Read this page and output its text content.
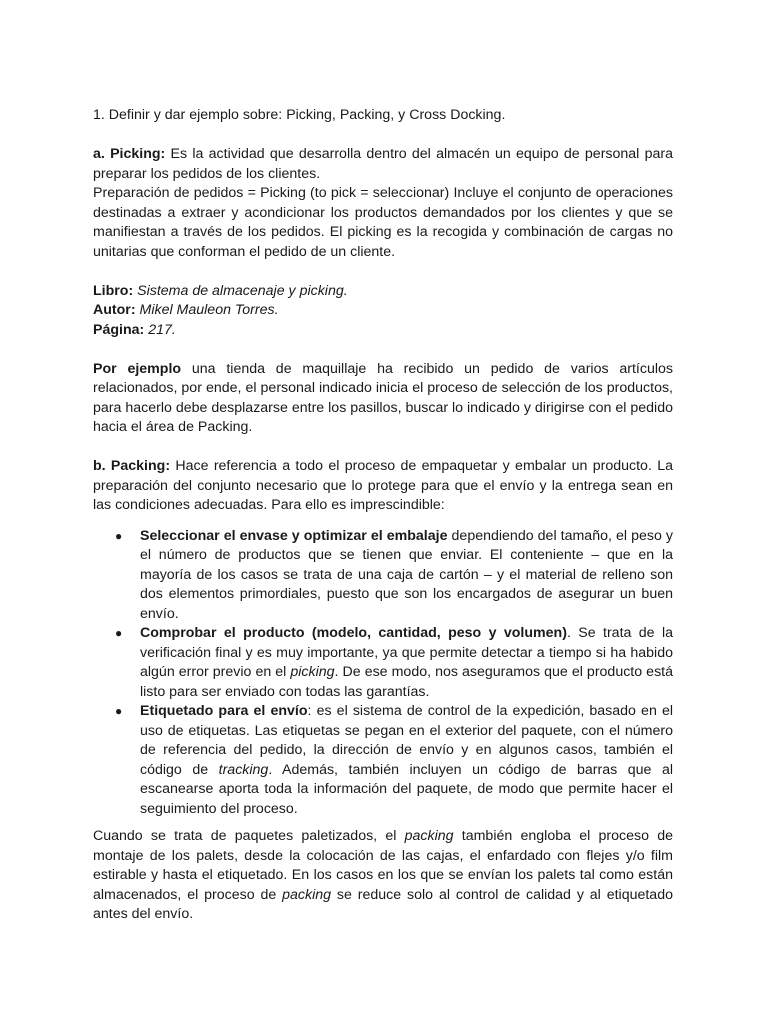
1. Definir y dar ejemplo sobre: Picking, Packing, y Cross Docking.

a. Picking: Es la actividad que desarrolla dentro del almacén un equipo de personal para preparar los pedidos de los clientes.

Preparación de pedidos = Picking (to pick = seleccionar) Incluye el conjunto de operaciones destinadas a extraer y acondicionar los productos demandados por los clientes y que se manifiestan a través de los pedidos. El picking es la recogida y combinación de cargas no unitarias que conforman el pedido de un cliente.

Libro: Sistema de almacenaje y picking.

Autor: Mikel Mauleon Torres.

Página: 217.

Por ejemplo una tienda de maquillaje ha recibido un pedido de varios artículos relacionados, por ende, el personal indicado inicia el proceso de selección de los productos, para hacerlo debe desplazarse entre los pasillos, buscar lo indicado y dirigirse con el pedido hacia el área de Packing.

b. Packing: Hace referencia a todo el proceso de empaquetar y embalar un producto. La preparación del conjunto necesario que lo protege para que el envío y la entrega sean en las condiciones adecuadas. Para ello es imprescindible:

● Seleccionar el envase y optimizar el embalaje dependiendo del tamaño, el peso y el número de productos que se tienen que enviar. El conteniente – que en la mayoría de los casos se trata de una caja de cartón – y el material de relleno son dos elementos primordiales, puesto que son los encargados de asegurar un buen envío.
● Comprobar el producto (modelo, cantidad, peso y volumen). Se trata de la verificación final y es muy importante, ya que permite detectar a tiempo si ha habido algún error previo en el picking. De ese modo, nos aseguramos que el producto está listo para ser enviado con todas las garantías.
● Etiquetado para el envío: es el sistema de control de la expedición, basado en el uso de etiquetas. Las etiquetas se pegan en el exterior del paquete, con el número de referencia del pedido, la dirección de envío y en algunos casos, también el código de tracking. Además, también incluyen un código de barras que al escanearse aporta toda la información del paquete, de modo que permite hacer el seguimiento del proceso.

Cuando se trata de paquetes paletizados, el packing también engloba el proceso de montaje de los palets, desde la colocación de las cajas, el enfardado con flejes y/o film estirable y hasta el etiquetado. En los casos en los que se envían los palets tal como están almacenados, el proceso de packing se reduce solo al control de calidad y al etiquetado antes del envío.
